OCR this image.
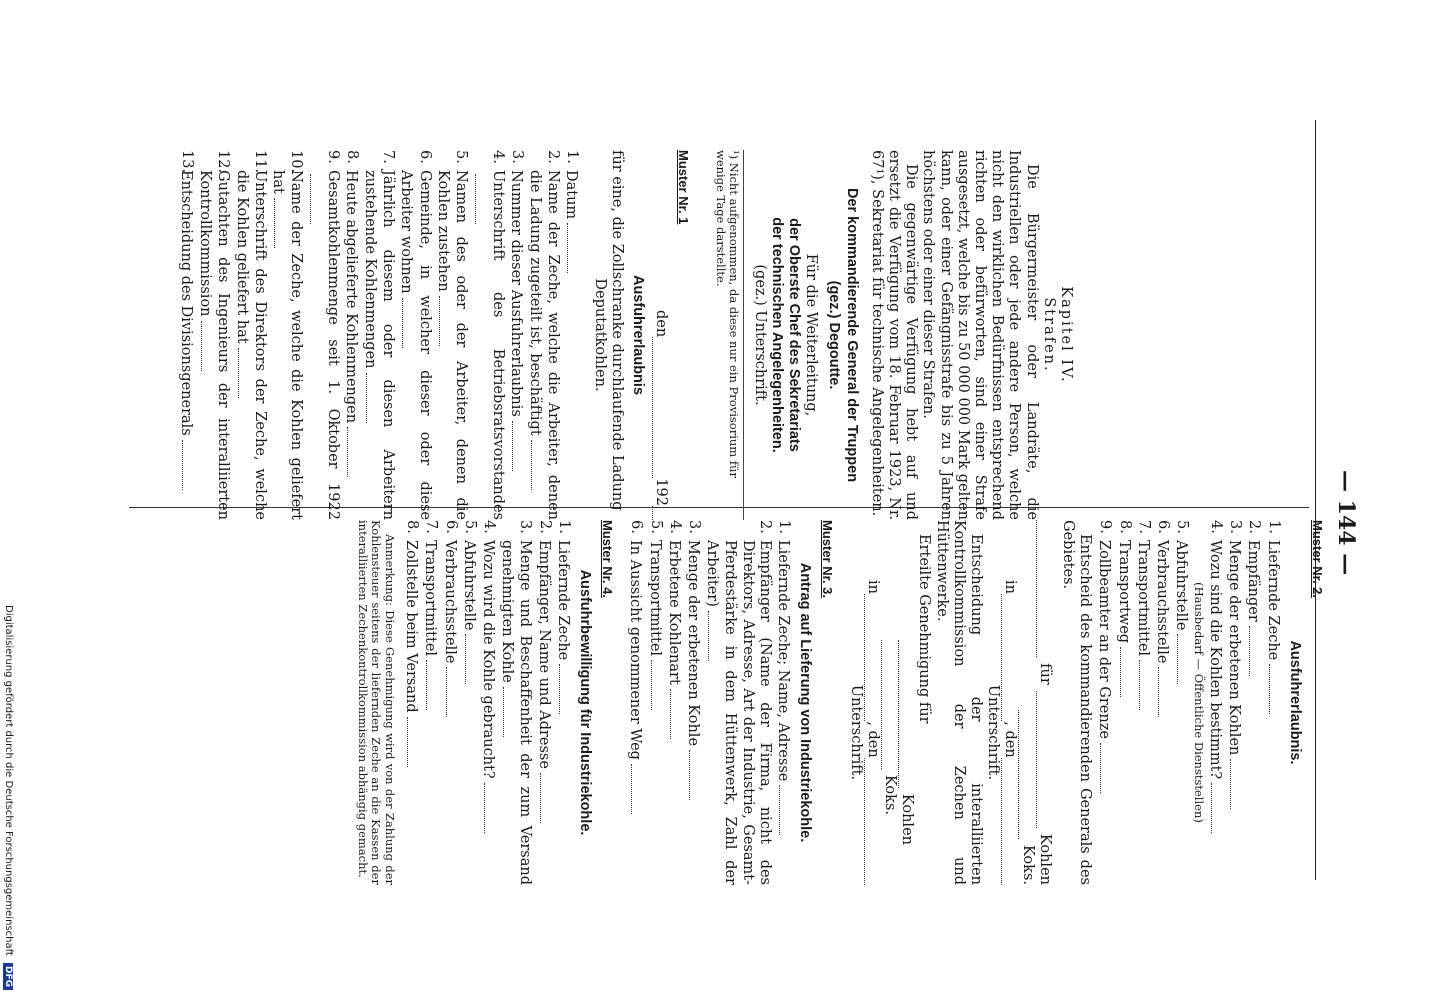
— 144 —
Kapitel IV.
Strafen.

Die Bürgermeister oder Landräte, die Industriellen oder jede andere Person, welche nicht den wirklichen Bedürfnissen entsprechend richten oder befürworten, sind einer Strafe ausgesetzt, welche bis zu 50 000 000 Mark gelten kann, oder einer Gefängnisstrafe bis zu 5 Jahren höchstens oder einer dieser Strafen.

Die gegenwärtige Verfügung hebt auf und ersetzt die Verfügung vom 18. Februar 1923, Nr. 67¹), Sekretariat für technische Angelegenheiten.

Der kommandierende General der Truppen
(gez.) Degoutte.
Für die Weiterleitung,
der Oberste Chef des Sekretariats
der technischen Angelegenheiten.
(gez.) Unterschrift.
¹) Nicht aufgenommen, da diese nur ein Provisorium für wenige Tage darstellte.
Muster Nr. 1
den
192
Ausfuhrerlaubnis
für eine, die Zollschranke durchlaufende Ladung
Deputatkohlen.
1.
Datum
2.
Name der Zeche, welche die Arbeiter, denen die Ladung zugeteilt ist, beschäftigt
3.
Nummer dieser Ausfuhrerlaubnis
4.
Unterschrift des Betriebsratsvorstandes
5.
Namen des oder der Arbeiter, denen die Kohlen zustehen
6.
Gemeinde, in welcher dieser oder diese Arbeiter wohnen
7.
Jährlich diesem oder diesen Arbeitern zustehende Kohlenmengen
8.
Heute abgelieferte Kohlenmengen
9.
Gesamtkohlenmenge seit 1. Oktober 1922
10.
Name der Zeche, welche die Kohlen geliefert hat
11.
Unterschrift des Direktors der Zeche, welche die Kohlen geliefert hat
12.
Gutachten des Ingenieurs der interalliierten Kontrollkommission
13.
Entscheidung des Divisionsgenerals
Muster Nr. 2.
Ausfuhrerlaubnis.
1.
Liefernde Zeche
2.
Empfänger
3.
Menge der erbetenen Kohlen
4.
Wozu sind die Kohlen bestimmt?
(Hausbedarf — Öffentliche Dienststellen)
5.
Abfuhrstelle
6.
Verbrauchsstelle
7.
Transportmittel
8.
Transportweg
9.
Zollbeamter an der Grenze

Entscheid des kommandierenden Generals des Gebietes.

für
Kohlen
Koks.
in
, den
Unterschrift.

Entscheidung der interalliierten Kontrollkommission der Zechen und Hüttenwerke.

Erteilte Genehmigung für
Kohlen
Koks.
in
, den
Unterschrift.
Muster Nr. 3.
Antrag auf Lieferung von Industriekohle.
1.
Liefernde Zeche; Name, Adresse
2.
Empfänger (Name der Firma, nicht des Direktors, Adresse, Art der Industrie, Gesamt-Pferdestärke in dem Hüttenwerk, Zahl der Arbeiter)
3.
Menge der erbetenen Kohle
4.
Erbetene Kohlenart
5.
Transportmittel
6.
In Aussicht genommener Weg
Muster Nr. 4.
Ausfuhrbewilligung für Industriekohle.
1.
Liefernde Zeche
2.
Empfänger, Name und Adresse
3.
Menge und Beschaffenheit der zum Versand genehmigten Kohle
4.
Wozu wird die Kohle gebraucht?
5.
Abfuhrstelle
6.
Verbrauchsstelle
7.
Transportmittel
8.
Zollstelle beim Versand

Anmerkung: Diese Genehmigung wird von der Zahlung der Kohlensteuer seitens der liefernden Zeche an die Kassen der interalliierten Zechenkontrollkommission abhängig gemacht.

Digitalisierung gefördert durch die Deutsche Forschungsgemeinschaft DFG
